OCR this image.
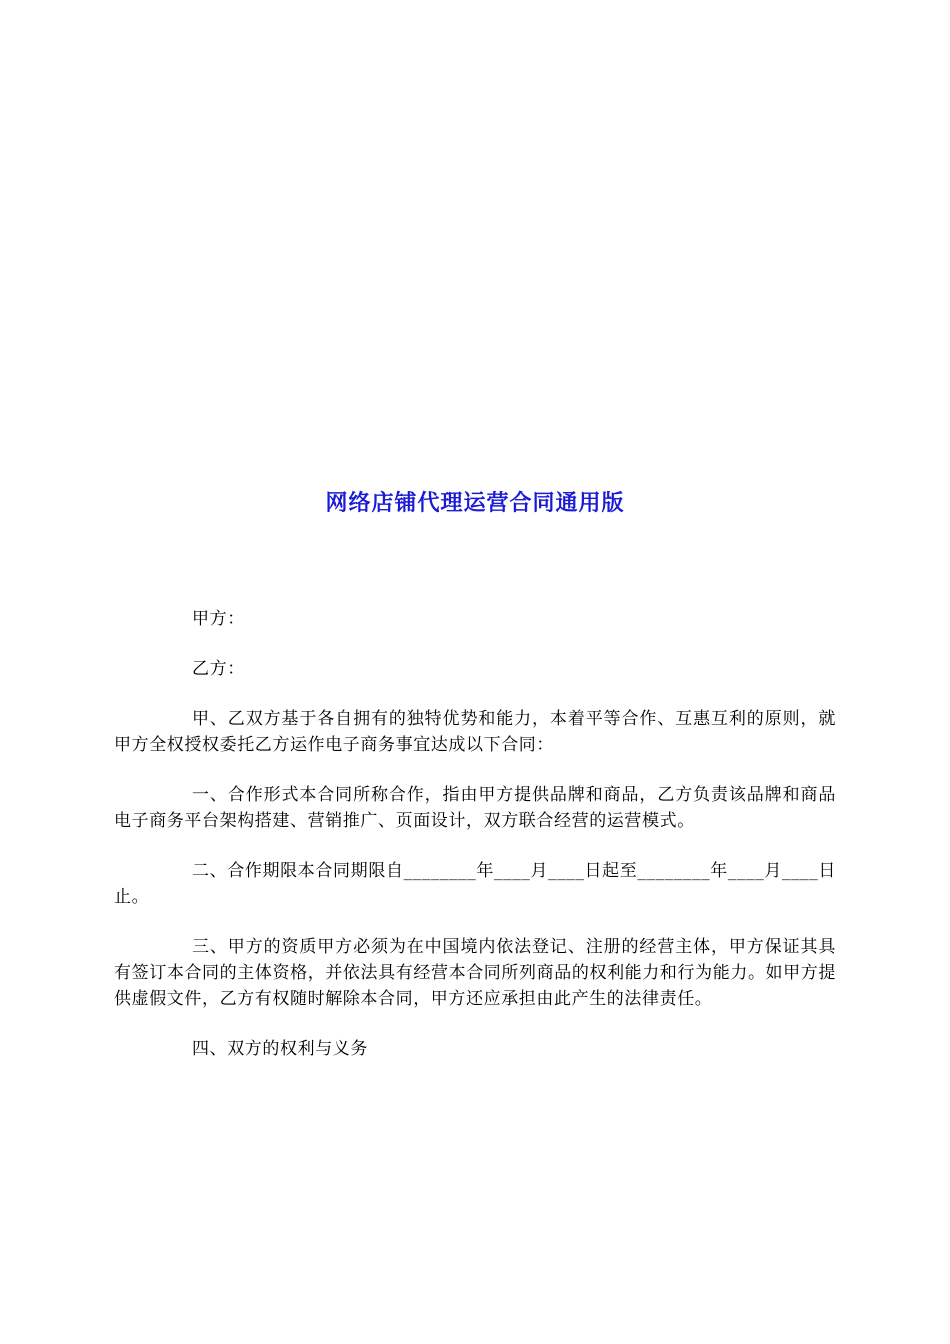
网络店铺代理运营合同通用版

甲方：

乙方：

甲、乙双方基于各自拥有的独特优势和能力，本着平等合作、互惠互利的原则，就甲方全权授权委托乙方运作电子商务事宜达成以下合同：

一、合作形式本合同所称合作，指由甲方提供品牌和商品，乙方负责该品牌和商品电子商务平台架构搭建、营销推广、页面设计，双方联合经营的运营模式。

二、合作期限本合同期限自________年____月____日起至________年____月____日止。

三、甲方的资质甲方必须为在中国境内依法登记、注册的经营主体，甲方保证其具有签订本合同的主体资格，并依法具有经营本合同所列商品的权利能力和行为能力。如甲方提供虚假文件，乙方有权随时解除本合同，甲方还应承担由此产生的法律责任。

四、双方的权利与义务
